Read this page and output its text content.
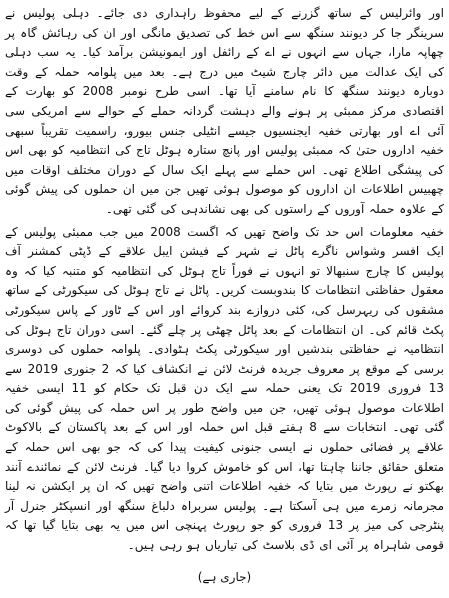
اور وائرلیس کے ساتھ گزرنے کے لیے محفوظ راہداری دی جائے۔ دہلی پولیس نے سرینگر جا کر دیونند سنگھ سے اس خط کی تصدیق مانگی اور ان کی رہائش گاہ پر چھاپہ مارا، جہاں سے انہوں نے اے کے رائفل اور ایمونیشن برآمد کیا۔ یہ سب دہلی کی ایک عدالت میں دائر چارج شیٹ میں درج ہے۔ بعد میں پلوامہ حملہ کے وقت دوبارہ دیونند سنگھ کا نام سامنے آیا تھا۔ اسی طرح نومبر 2008 کو بھارت کے اقتصادی مرکز ممبئی پر ہونے والے دہشت گردانہ حملے کے حوالے سے امریکی سی آئی اے اور بھارتی خفیہ ایجنسیوں جیسے انٹیلی جنس بیورو، راسمیت تقریباً سبھی خفیہ اداروں حتیٰ کہ ممبئی پولیس اور پانچ ستارہ ہوٹل تاج کی انتظامیہ کو بھی اس کی پیشگی اطلاع تھی۔ اس حملے سے پہلے ایک سال کے دوران مختلف اوقات میں چھبیس اطلاعات ان اداروں کو موصول ہوئی تھیں جن میں ان حملوں کی پیش گوئی کے علاوہ حملہ آوروں کے راستوں کی بھی نشاندہی کی گئی تھی۔

خفیہ معلومات اس حد تک واضح تھیں کہ اگست 2008 میں جب ممبئی پولیس کے ایک افسر وشواس ناگرے پاٹل نے شہر کے فیشن ایبل علاقے کے ڈپٹی کمشنر آف پولیس کا چارج سنبھالا تو انہوں نے فوراً تاج ہوٹل کی انتظامیہ کو متنبہ کیا کہ وہ معقول حفاظتی انتظامات کا بندوبست کریں۔ پاٹل نے تاج ہوٹل کی سیکورٹی کے ساتھ مشقوں کی ریہرسل کی، کئی دروازے بند کروائے اور اس کے ٹاور کے پاس سیکورٹی پکٹ قائم کی۔ ان انتظامات کے بعد پاٹل چھٹی پر چلے گئے۔ اسی دوران تاج ہوٹل کی انتظامیہ نے حفاظتی بندشیں اور سیکورٹی پکٹ ہٹوادی۔ پلوامہ حملوں کی دوسری برسی کے موقع پر معروف جریدہ فرنٹ لائن نے انکشاف کیا کہ 2 جنوری 2019 سے 13 فروری 2019 تک یعنی حملہ سے ایک دن قبل تک حکام کو 11 ایسی خفیہ اطلاعات موصول ہوئی تھیں، جن میں واضح طور پر اس حملہ کی پیش گوئی کی گئی تھی۔ انتخابات سے 8 ہفتے قبل اس حملہ اور اس کے بعد پاکستان کے بالاکوٹ علاقے پر فضائی حملوں نے ایسی جنونی کیفیت پیدا کی کہ جو بھی اس حملہ کے متعلق حقائق جاننا چاہتا تھا، اس کو خاموش کروا دیا گیا۔ فرنٹ لائن کے نمائندے آنند بھکتو نے رپورٹ میں بتایا کہ خفیہ اطلاعات اتنی واضح تھیں کہ ان پر ایکشن نہ لینا مجرمانہ زمرے میں ہی آسکتا ہے۔ پولیس سربراہ دلباغ سنگھ اور انسپکٹر جنرل آر پنٹرجی کی میز پر 13 فروری کو جو رپورٹ پہنچی اس میں یہ بھی بتایا گیا تھا کہ قومی شاہراہ پر آئی ای ڈی بلاسٹ کی تیاریاں ہو رہی ہیں۔

(جاری ہے)
